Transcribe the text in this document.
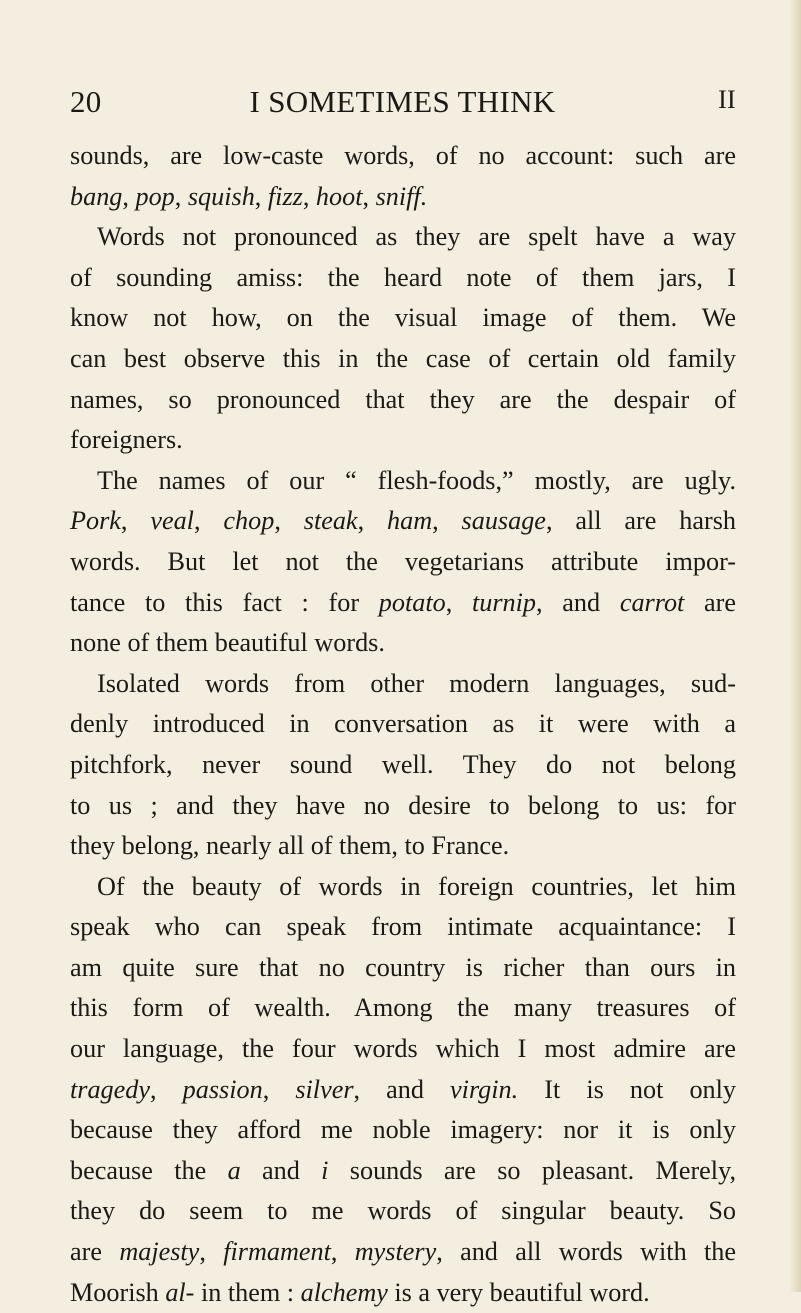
20	I SOMETIMES THINK	II
sounds, are low-caste words, of no account: such are
bang, pop, squish, fizz, hoot, sniff.
Words not pronounced as they are spelt have a way
of sounding amiss: the heard note of them jars, I
know not how, on the visual image of them. We
can best observe this in the case of certain old family
names, so pronounced that they are the despair of
foreigners.
The names of our “ flesh-foods,” mostly, are ugly.
Pork, veal, chop, steak, ham, sausage, all are harsh
words. But let not the vegetarians attribute impor-
tance to this fact : for potato, turnip, and carrot are
none of them beautiful words.
Isolated words from other modern languages, sud-
denly introduced in conversation as it were with a
pitchfork, never sound well. They do not belong
to us ; and they have no desire to belong to us: for
they belong, nearly all of them, to France.
Of the beauty of words in foreign countries, let him
speak who can speak from intimate acquaintance: I
am quite sure that no country is richer than ours in
this form of wealth. Among the many treasures of
our language, the four words which I most admire are
tragedy, passion, silver, and virgin. It is not only
because they afford me noble imagery: nor it is only
because the a and i sounds are so pleasant. Merely,
they do seem to me words of singular beauty. So
are majesty, firmament, mystery, and all words with the
Moorish al- in them : alchemy is a very beautiful word.
